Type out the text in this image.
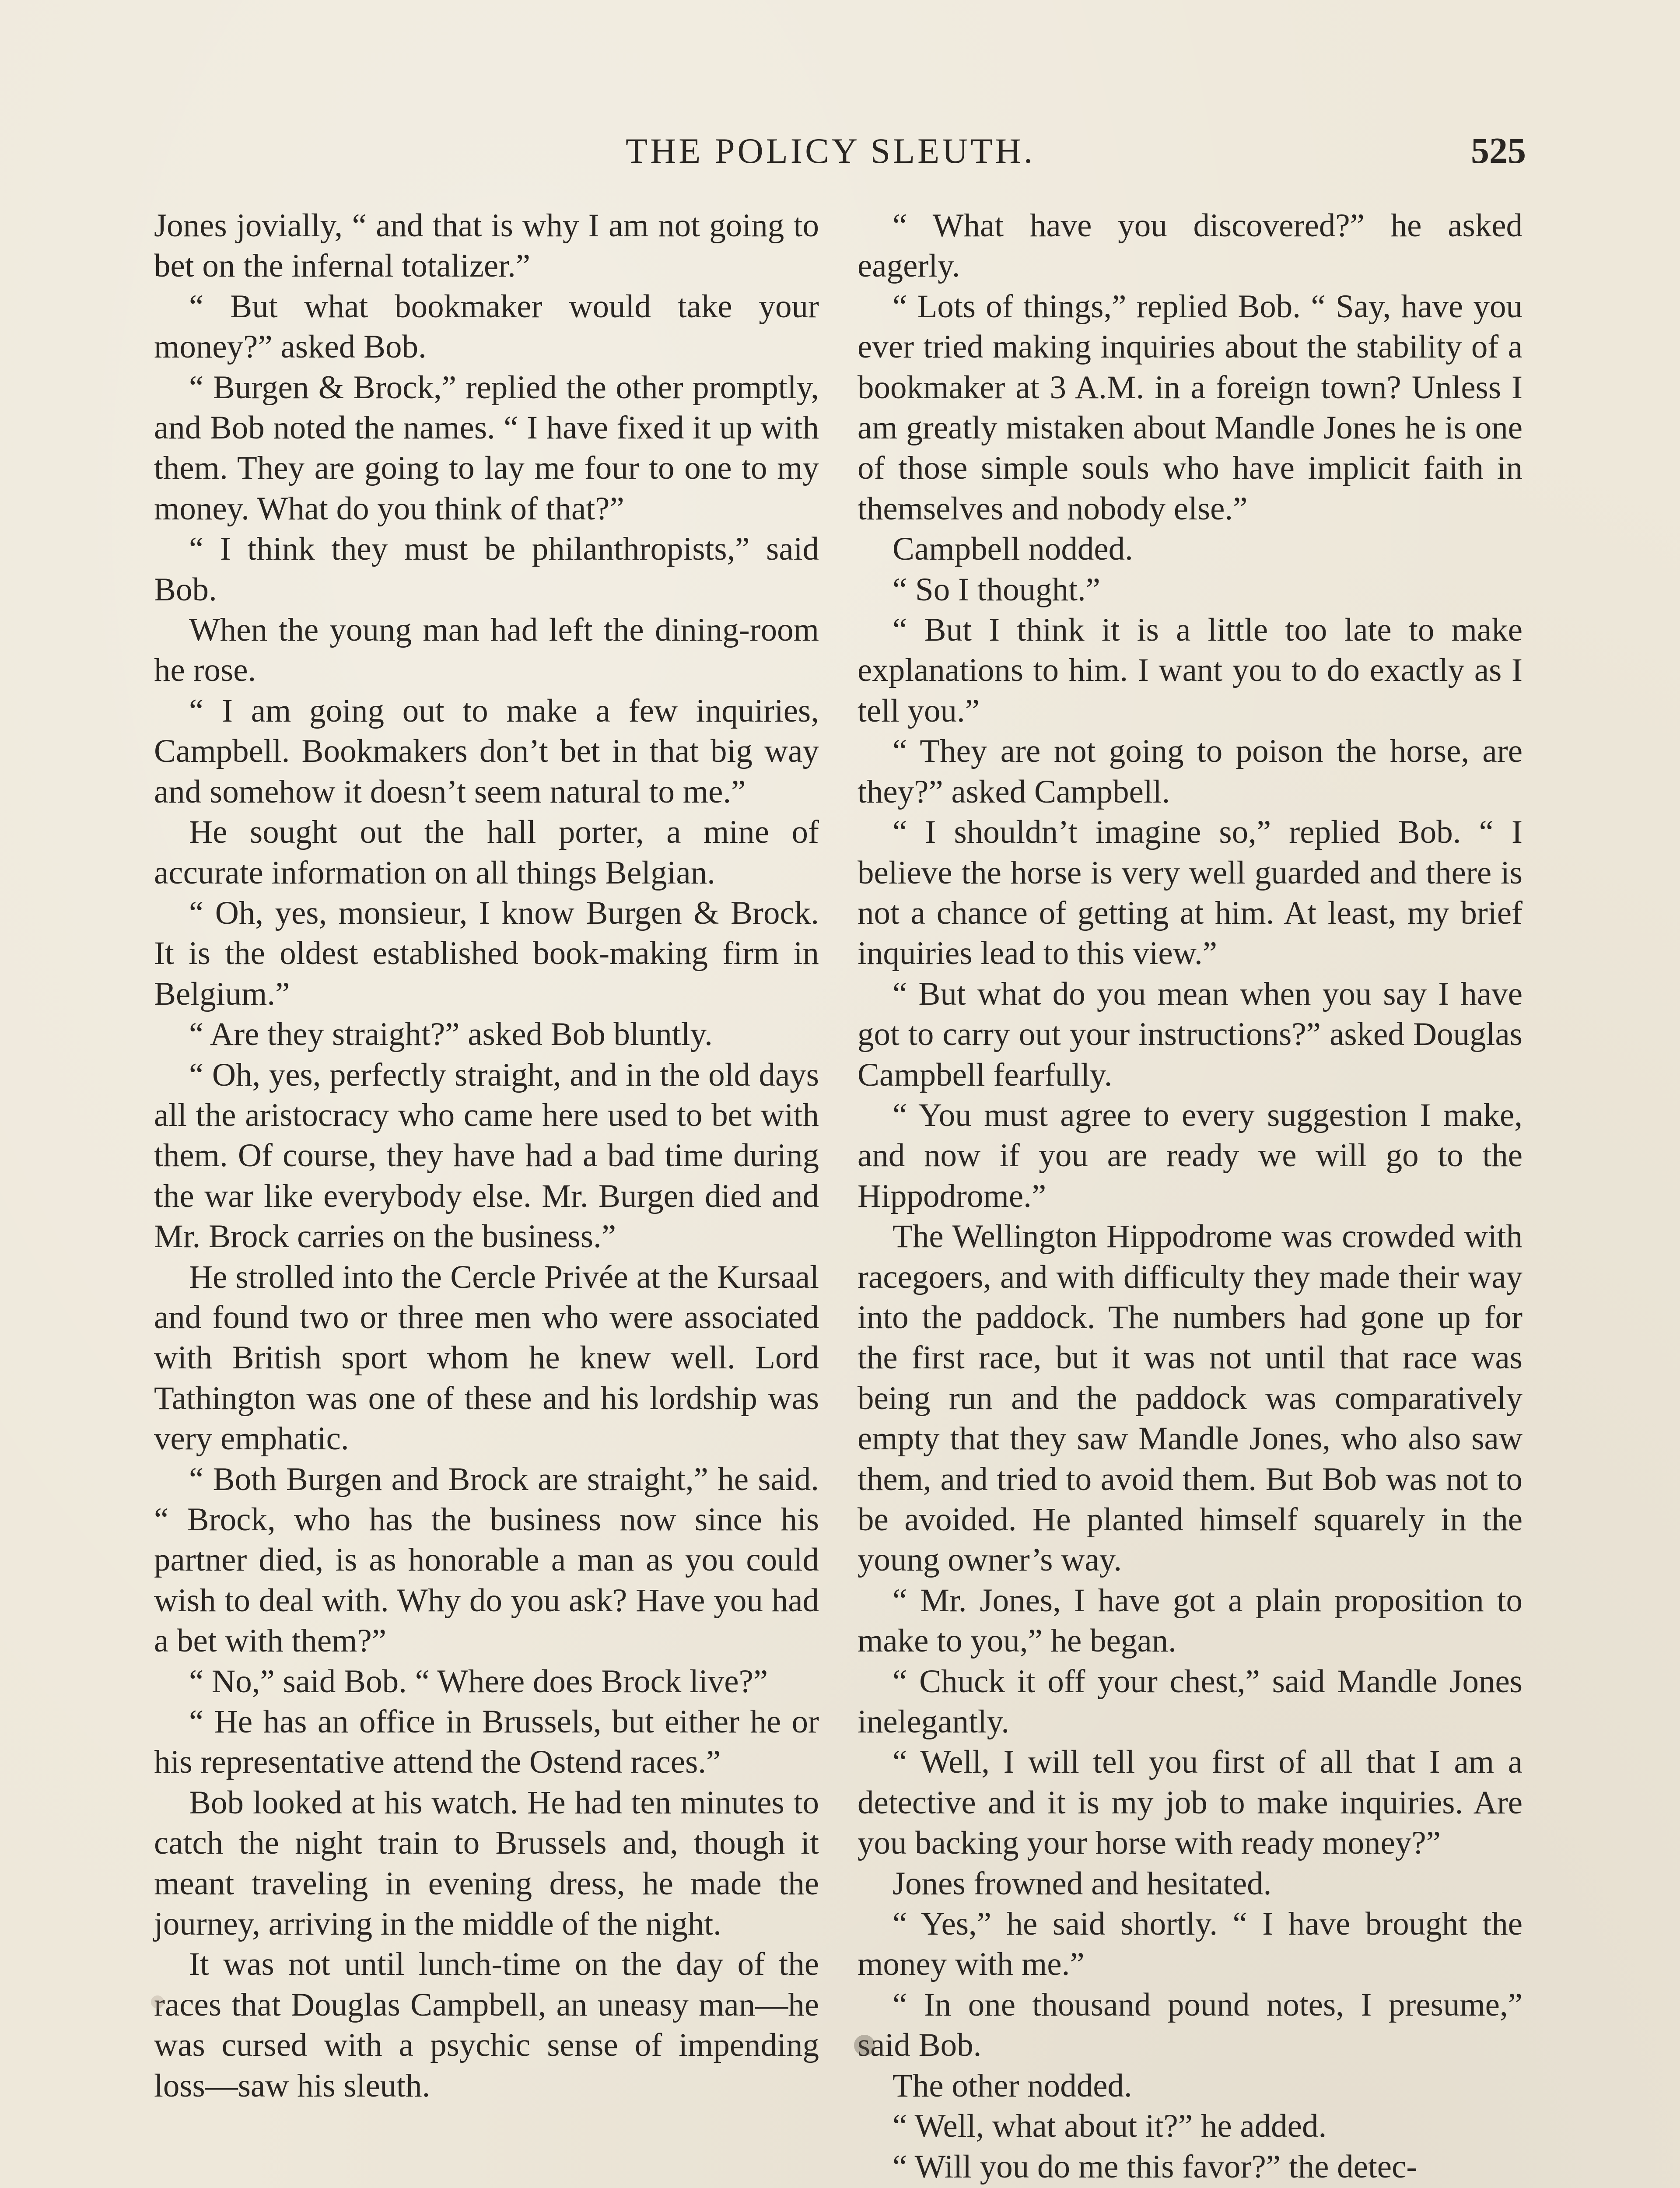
THE POLICY SLEUTH.	525

Jones jovially, “ and that is why I am not going to bet on the infernal totalizer.”

“ But what bookmaker would take your money?” asked Bob.

“ Burgen & Brock,” replied the other promptly, and Bob noted the names. “ I have fixed it up with them. They are going to lay me four to one to my money. What do you think of that?”

“ I think they must be philanthropists,” said Bob.

When the young man had left the dining-room he rose.

“ I am going out to make a few inquiries, Campbell. Bookmakers don’t bet in that big way and somehow it doesn’t seem natural to me.”

He sought out the hall porter, a mine of accurate information on all things Belgian.

“ Oh, yes, monsieur, I know Burgen & Brock. It is the oldest established book-making firm in Belgium.”

“ Are they straight?” asked Bob bluntly.

“ Oh, yes, perfectly straight, and in the old days all the aristocracy who came here used to bet with them. Of course, they have had a bad time during the war like everybody else. Mr. Burgen died and Mr. Brock carries on the business.”

He strolled into the Cercle Privée at the Kursaal and found two or three men who were associated with British sport whom he knew well. Lord Tathington was one of these and his lordship was very emphatic.

“ Both Burgen and Brock are straight,” he said. “ Brock, who has the business now since his partner died, is as honorable a man as you could wish to deal with. Why do you ask? Have you had a bet with them?”

“ No,” said Bob. “ Where does Brock live?”

“ He has an office in Brussels, but either he or his representative attend the Ostend races.”

Bob looked at his watch. He had ten minutes to catch the night train to Brussels and, though it meant traveling in evening dress, he made the journey, arriving in the middle of the night.

It was not until lunch-time on the day of the races that Douglas Campbell, an uneasy man—he was cursed with a psychic sense of impending loss—saw his sleuth.

“ What have you discovered?” he asked eagerly.

“ Lots of things,” replied Bob. “ Say, have you ever tried making inquiries about the stability of a bookmaker at 3 A.M. in a foreign town? Unless I am greatly mistaken about Mandle Jones he is one of those simple souls who have implicit faith in themselves and nobody else.”

Campbell nodded.

“ So I thought.”

“ But I think it is a little too late to make explanations to him. I want you to do exactly as I tell you.”

“ They are not going to poison the horse, are they?” asked Campbell.

“ I shouldn’t imagine so,” replied Bob. “ I believe the horse is very well guarded and there is not a chance of getting at him. At least, my brief inquiries lead to this view.”

“ But what do you mean when you say I have got to carry out your instructions?” asked Douglas Campbell fearfully.

“ You must agree to every suggestion I make, and now if you are ready we will go to the Hippodrome.”

The Wellington Hippodrome was crowded with racegoers, and with difficulty they made their way into the paddock. The numbers had gone up for the first race, but it was not until that race was being run and the paddock was comparatively empty that they saw Mandle Jones, who also saw them, and tried to avoid them. But Bob was not to be avoided. He planted himself squarely in the young owner’s way.

“ Mr. Jones, I have got a plain proposition to make to you,” he began.

“ Chuck it off your chest,” said Mandle Jones inelegantly.

“ Well, I will tell you first of all that I am a detective and it is my job to make inquiries. Are you backing your horse with ready money?”

Jones frowned and hesitated.

“ Yes,” he said shortly. “ I have brought the money with me.”

“ In one thousand pound notes, I presume,” said Bob.

The other nodded.

“ Well, what about it?” he added.

“ Will you do me this favor?” the detec-
